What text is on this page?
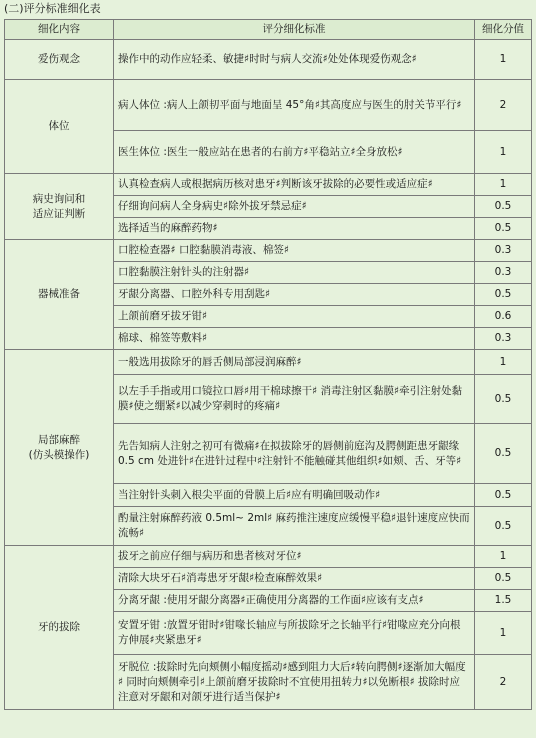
(二)评分标准细化表
细化内容	评分细化标准	细化分值

爱伤观念	操作中的动作应轻柔、敏捷♯时时与病人交流♯处处体现爱伤观念♯	1

体位	病人体位 :病人上颌㓞平面与地面呈 45°角♯其高度应与医生的肘关节平行♯	2
	医生体位 :医生一般应站在患者的右前方♯平稳站立♯全身放松♯	1

病史询问和
适应证判断	认真检查病人或根据病历核对患牙♯判断该牙拔除的必要性或适应症♯	1
	仔细询问病人全身病史♯除外拔牙禁忌症♯	0.5
	选择适当的麻醉药物♯	0.5

器械准备	口腔检查器♯ 口腔黏膜消毒液、棉签♯	0.3
	口腔黏膜注射针头的注射器♯	0.3
	牙龈分离器、口腔外科专用刮匙♯	0.5
	上颌前磨牙拔牙钳♯	0.6
	棉球、棉签等敷料♯	0.3

局部麻醉
(仿头模操作)	一般选用拔除牙的唇舌侧局部浸润麻醉♯	1
	以左手手指或用口镜拉口唇♯用干棉球擦干♯ 消毒注射区黏膜♯牵引注射处黏膜♯使之绷紧♯以减少穿刺时的疼痛♯	0.5
	先告知病人注射之初可有微痛♯在拟拔除牙的唇侧前庭沟及腭侧距患牙龈缘 0.5 cm 处进针♯在进针过程中♯注射针不能触碰其他组织♯如颊、舌、牙等♯	0.5
	当注射针头刺入根尖平面的骨膜上后♯应有明确回吸动作♯	0.5
	酌量注射麻醉药液 0.5ml~ 2ml♯ 麻药推注速度应缓慢平稳♯退针速度应快而流畅♯	0.5

牙的拔除	拔牙之前应仔细与病历和患者核对牙位♯	1
	清除大块牙石♯消毒患牙牙龈♯检查麻醉效果♯	0.5
	分离牙龈 :使用牙龈分离器♯正确使用分离器的工作面♯应该有支点♯	1.5
	安置牙钳 :放置牙钳时♯钳喙长轴应与所拔除牙之长轴平行♯钳喙应充分向根方伸展♯夹紧患牙♯	1
	牙脱位 :拔除时先向颊侧小幅度摇动♯感到阻力大后♯转向腭侧♯逐渐加大幅度♯ 同时向颊侧牵引♯上颌前磨牙拔除时不宜使用扭转力♯以免断根♯ 拔除时应注意对牙龈和对颌牙进行适当保护♯	2
